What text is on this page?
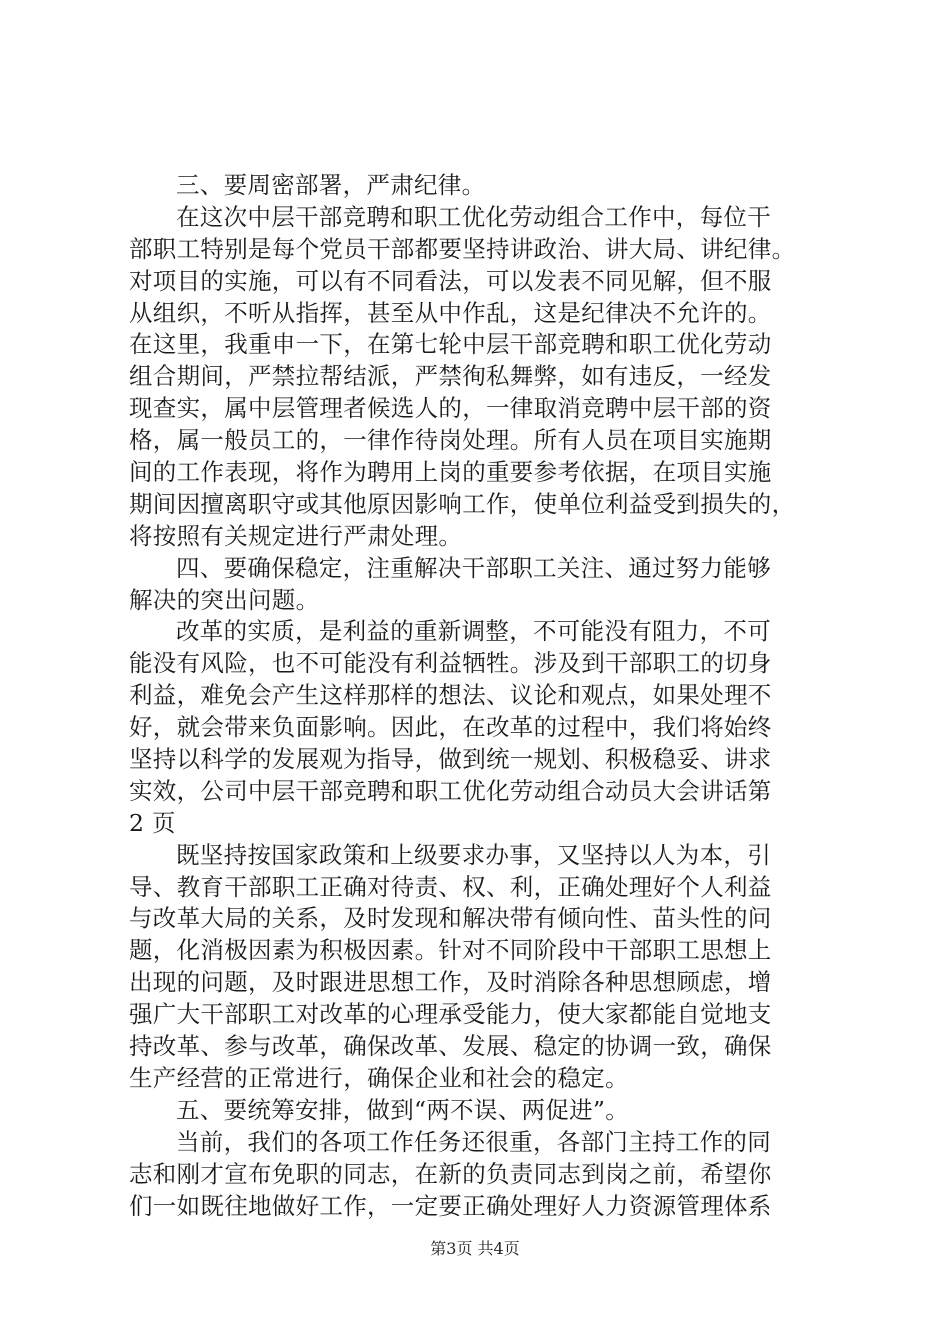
三、要周密部署，严肃纪律。
在这次中层干部竞聘和职工优化劳动组合工作中，每位干
部职工特别是每个党员干部都要坚持讲政治、讲大局、讲纪律。
对项目的实施，可以有不同看法，可以发表不同见解，但不服
从组织，不听从指挥，甚至从中作乱，这是纪律决不允许的。
在这里，我重申一下，在第七轮中层干部竞聘和职工优化劳动
组合期间，严禁拉帮结派，严禁徇私舞弊，如有违反，一经发
现查实，属中层管理者候选人的，一律取消竞聘中层干部的资
格，属一般员工的，一律作待岗处理。所有人员在项目实施期
间的工作表现，将作为聘用上岗的重要参考依据，在项目实施
期间因擅离职守或其他原因影响工作，使单位利益受到损失的，
将按照有关规定进行严肃处理。
四、要确保稳定，注重解决干部职工关注、通过努力能够
解决的突出问题。
改革的实质，是利益的重新调整，不可能没有阻力，不可
能没有风险，也不可能没有利益牺牲。涉及到干部职工的切身
利益，难免会产生这样那样的想法、议论和观点，如果处理不
好，就会带来负面影响。因此，在改革的过程中，我们将始终
坚持以科学的发展观为指导，做到统一规划、积极稳妥、讲求
实效，公司中层干部竞聘和职工优化劳动组合动员大会讲话第
2 页
既坚持按国家政策和上级要求办事，又坚持以人为本，引
导、教育干部职工正确对待责、权、利，正确处理好个人利益
与改革大局的关系，及时发现和解决带有倾向性、苗头性的问
题，化消极因素为积极因素。针对不同阶段中干部职工思想上
出现的问题，及时跟进思想工作，及时消除各种思想顾虑，增
强广大干部职工对改革的心理承受能力，使大家都能自觉地支
持改革、参与改革，确保改革、发展、稳定的协调一致，确保
生产经营的正常进行，确保企业和社会的稳定。
五、要统筹安排，做到“两不误、两促进”。
当前，我们的各项工作任务还很重，各部门主持工作的同
志和刚才宣布免职的同志，在新的负责同志到岗之前，希望你
们一如既往地做好工作，一定要正确处理好人力资源管理体系
第3页 共4页
